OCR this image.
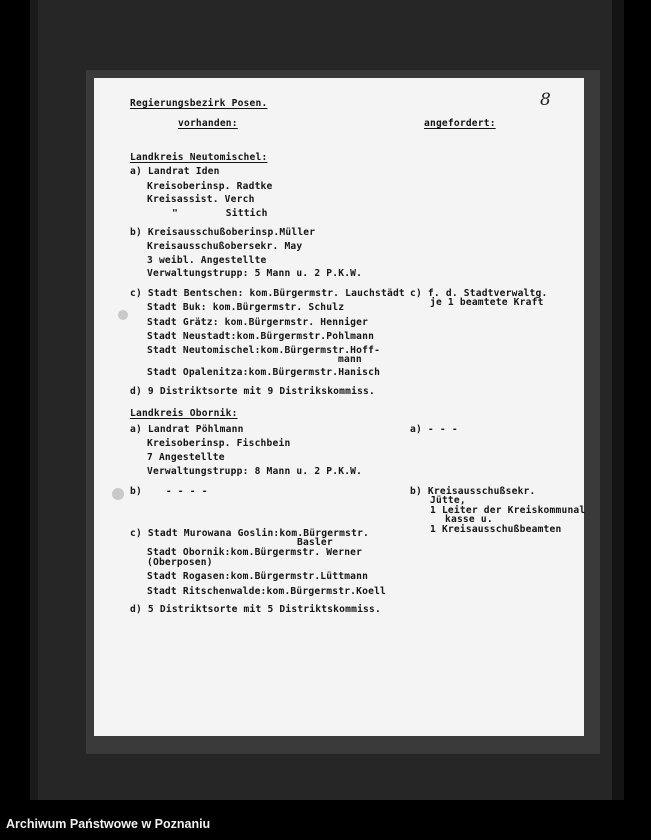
8
Regierungsbezirk Posen.
vorhanden:	angefordert:
Landkreis Neutomischel:
a) Landrat Iden
Kreisoberinsp. Radtke
Kreisassist. Verch
"        Sittich
b) Kreisausschußoberinsp.Müller
Kreisausschußobersekr. May
3 weibl. Angestellte
Verwaltungstrupp: 5 Mann u. 2 P.K.W.
c) Stadt Bentschen: kom.Bürgermstr. Lauchstädt
Stadt Buk: kom.Bürgermstr. Schulz
Stadt Grätz: kom.Bürgermstr. Henniger
Stadt Neustadt:kom.Bürgermstr.Pohlmann
Stadt Neutomischel:kom.Bürgermstr.Hoff-
mann
Stadt Opalenitza:kom.Bürgermstr.Hanisch
d) 9 Distriktsorte mit 9 Distrikskommiss.
c) f. d. Stadtverwaltg.
je 1 beamtete Kraft
Landkreis Obornik:
a) Landrat Pöhlmann
Kreisoberinsp. Fischbein
7 Angestellte
Verwaltungstrupp: 8 Mann u. 2 P.K.W.
b)    - - - -
c) Stadt Murowana Goslin:kom.Bürgermstr.
Basler
Stadt Obornik:kom.Bürgermstr. Werner
(Oberposen)
Stadt Rogasen:kom.Bürgermstr.Lüttmann
Stadt Ritschenwalde:kom.Bürgermstr.Koell
d) 5 Distriktsorte mit 5 Distriktskommiss.
a) - - -
b) Kreisausschußsekr.
Jütte,
1 Leiter der Kreiskommunal
kasse u.
1 Kreisausschußbeamten
Archiwum Państwowe w Poznaniu
